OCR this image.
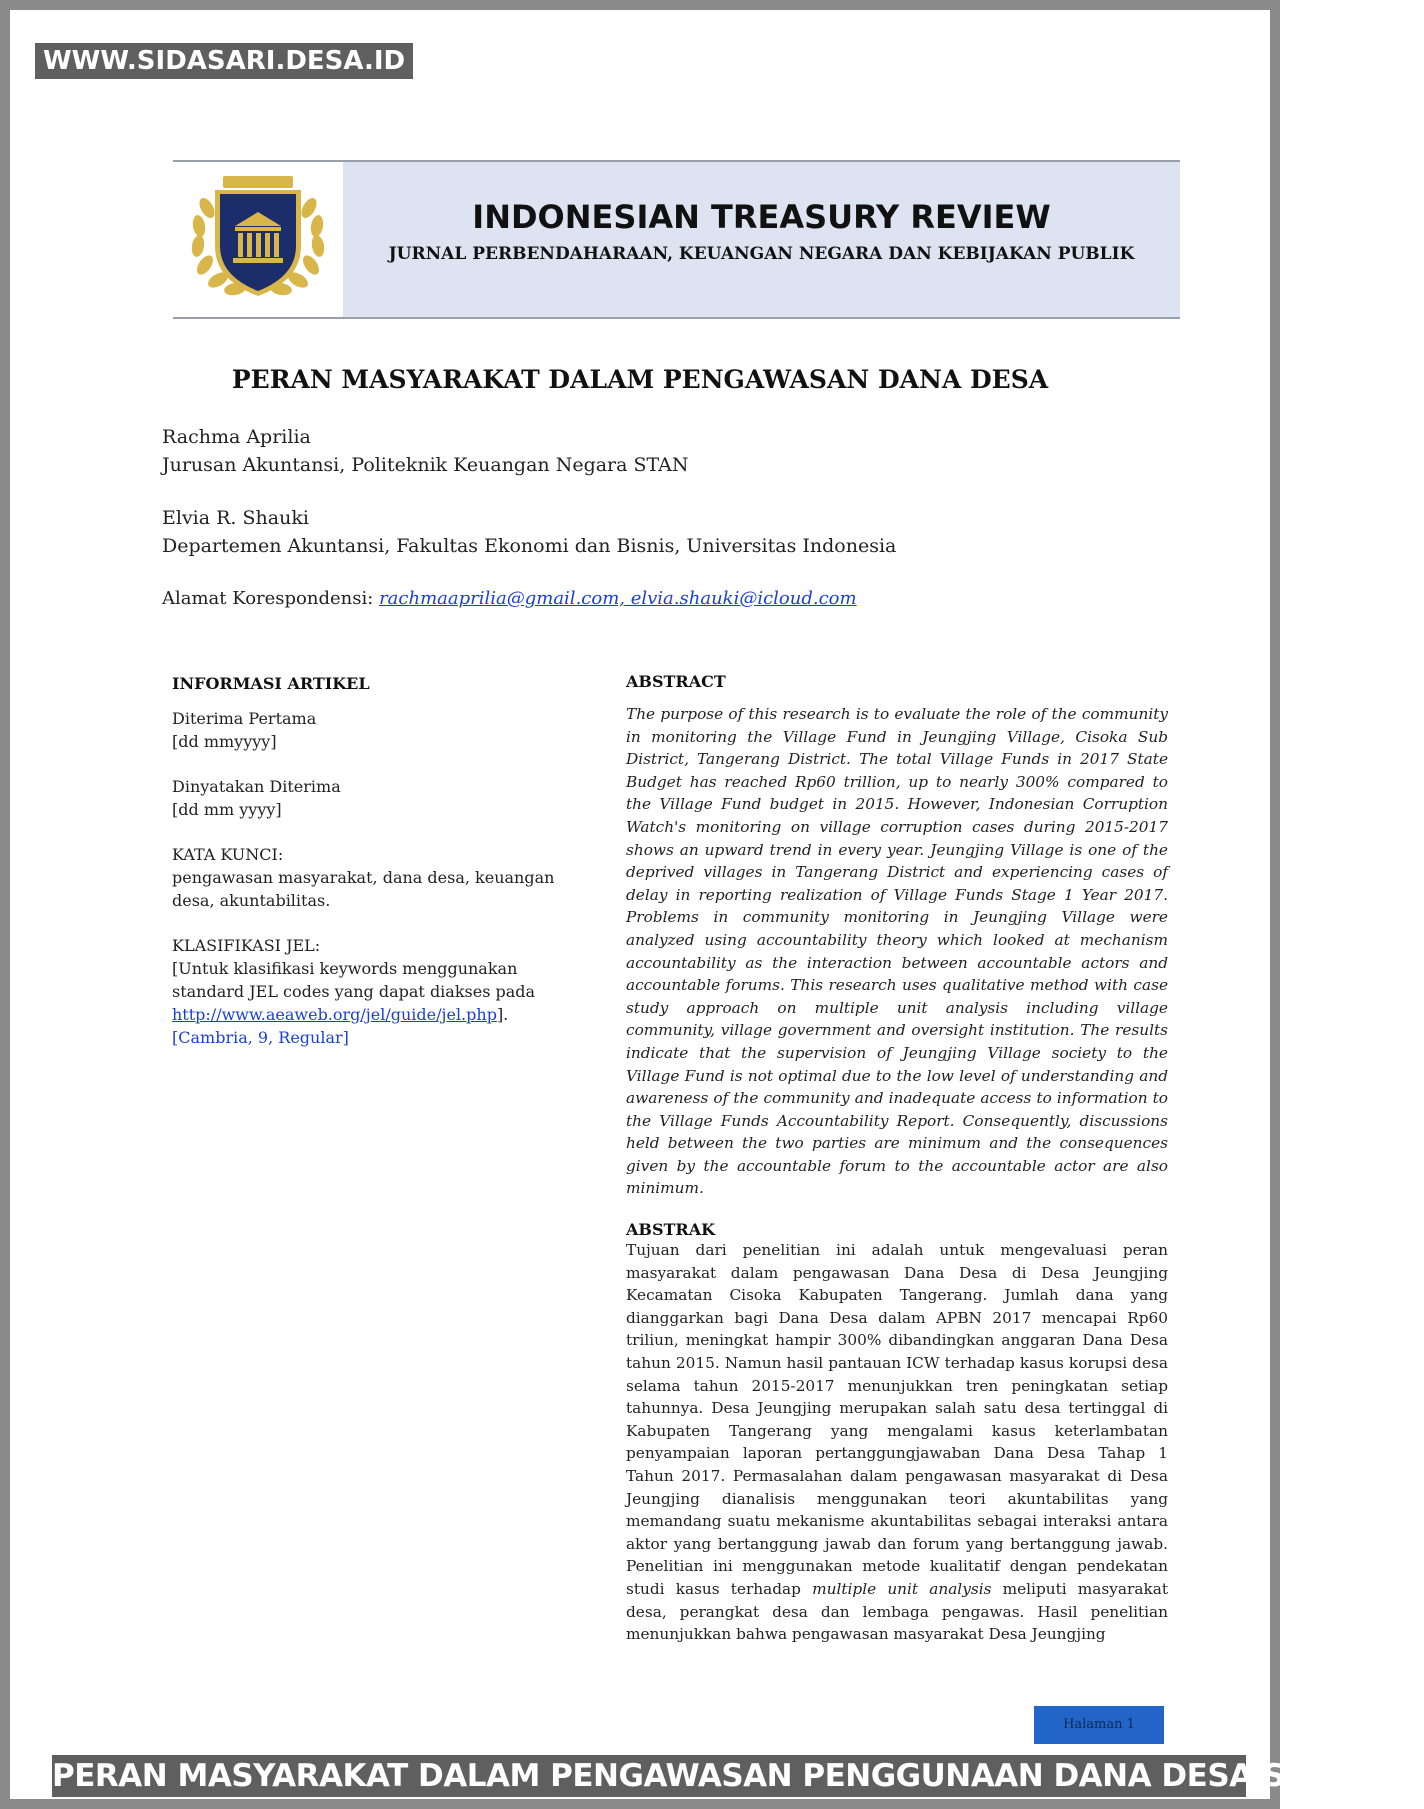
WWW.SIDASARI.DESA.ID
INDONESIAN TREASURY REVIEW
JURNAL PERBENDAHARAAN, KEUANGAN NEGARA DAN KEBIJAKAN PUBLIK
PERAN MASYARAKAT DALAM PENGAWASAN DANA DESA
Rachma Aprilia
Jurusan Akuntansi, Politeknik Keuangan Negara STAN
Elvia R. Shauki
Departemen Akuntansi, Fakultas Ekonomi dan Bisnis, Universitas Indonesia
Alamat Korespondensi: rachmaaprilia@gmail.com, elvia.shauki@icloud.com
INFORMASI ARTIKEL
Diterima Pertama
[dd mmyyyy]
Dinyatakan Diterima
[dd mm yyyy]
KATA KUNCI:
pengawasan masyarakat, dana desa, keuangan desa, akuntabilitas.
KLASIFIKASI JEL:
[Untuk klasifikasi keywords menggunakan standard JEL codes yang dapat diakses pada http://www.aeaweb.org/jel/guide/jel.php].
[Cambria, 9, Regular]
ABSTRACT

The purpose of this research is to evaluate the role of the community in monitoring the Village Fund in Jeungjing Village, Cisoka Sub District, Tangerang District. The total Village Funds in 2017 State Budget has reached Rp60 trillion, up to nearly 300% compared to the Village Fund budget in 2015. However, Indonesian Corruption Watch's monitoring on village corruption cases during 2015-2017 shows an upward trend in every year. Jeungjing Village is one of the deprived villages in Tangerang District and experiencing cases of delay in reporting realization of Village Funds Stage 1 Year 2017. Problems in community monitoring in Jeungjing Village were analyzed using accountability theory which looked at mechanism accountability as the interaction between accountable actors and accountable forums. This research uses qualitative method with case study approach on multiple unit analysis including village community, village government and oversight institution. The results indicate that the supervision of Jeungjing Village society to the Village Fund is not optimal due to the low level of understanding and awareness of the community and inadequate access to information to the Village Funds Accountability Report. Consequently, discussions held between the two parties are minimum and the consequences given by the accountable forum to the accountable actor are also minimum.

ABSTRAK

Tujuan dari penelitian ini adalah untuk mengevaluasi peran masyarakat dalam pengawasan Dana Desa di Desa Jeungjing Kecamatan Cisoka Kabupaten Tangerang. Jumlah dana yang dianggarkan bagi Dana Desa dalam APBN 2017 mencapai Rp60 triliun, meningkat hampir 300% dibandingkan anggaran Dana Desa tahun 2015. Namun hasil pantauan ICW terhadap kasus korupsi desa selama tahun 2015-2017 menunjukkan tren peningkatan setiap tahunnya. Desa Jeungjing merupakan salah satu desa tertinggal di Kabupaten Tangerang yang mengalami kasus keterlambatan penyampaian laporan pertanggungjawaban Dana Desa Tahap 1 Tahun 2017. Permasalahan dalam pengawasan masyarakat di Desa Jeungjing dianalisis menggunakan teori akuntabilitas yang memandang suatu mekanisme akuntabilitas sebagai interaksi antara aktor yang bertanggung jawab dan forum yang bertanggung jawab. Penelitian ini menggunakan metode kualitatif dengan pendekatan studi kasus terhadap multiple unit analysis meliputi masyarakat desa, perangkat desa dan lembaga pengawas. Hasil penelitian menunjukkan bahwa pengawasan masyarakat Desa Jeungjing

Halaman 1
PERAN MASYARAKAT DALAM PENGAWASAN PENGGUNAAN DANA DESA SIDASARI
